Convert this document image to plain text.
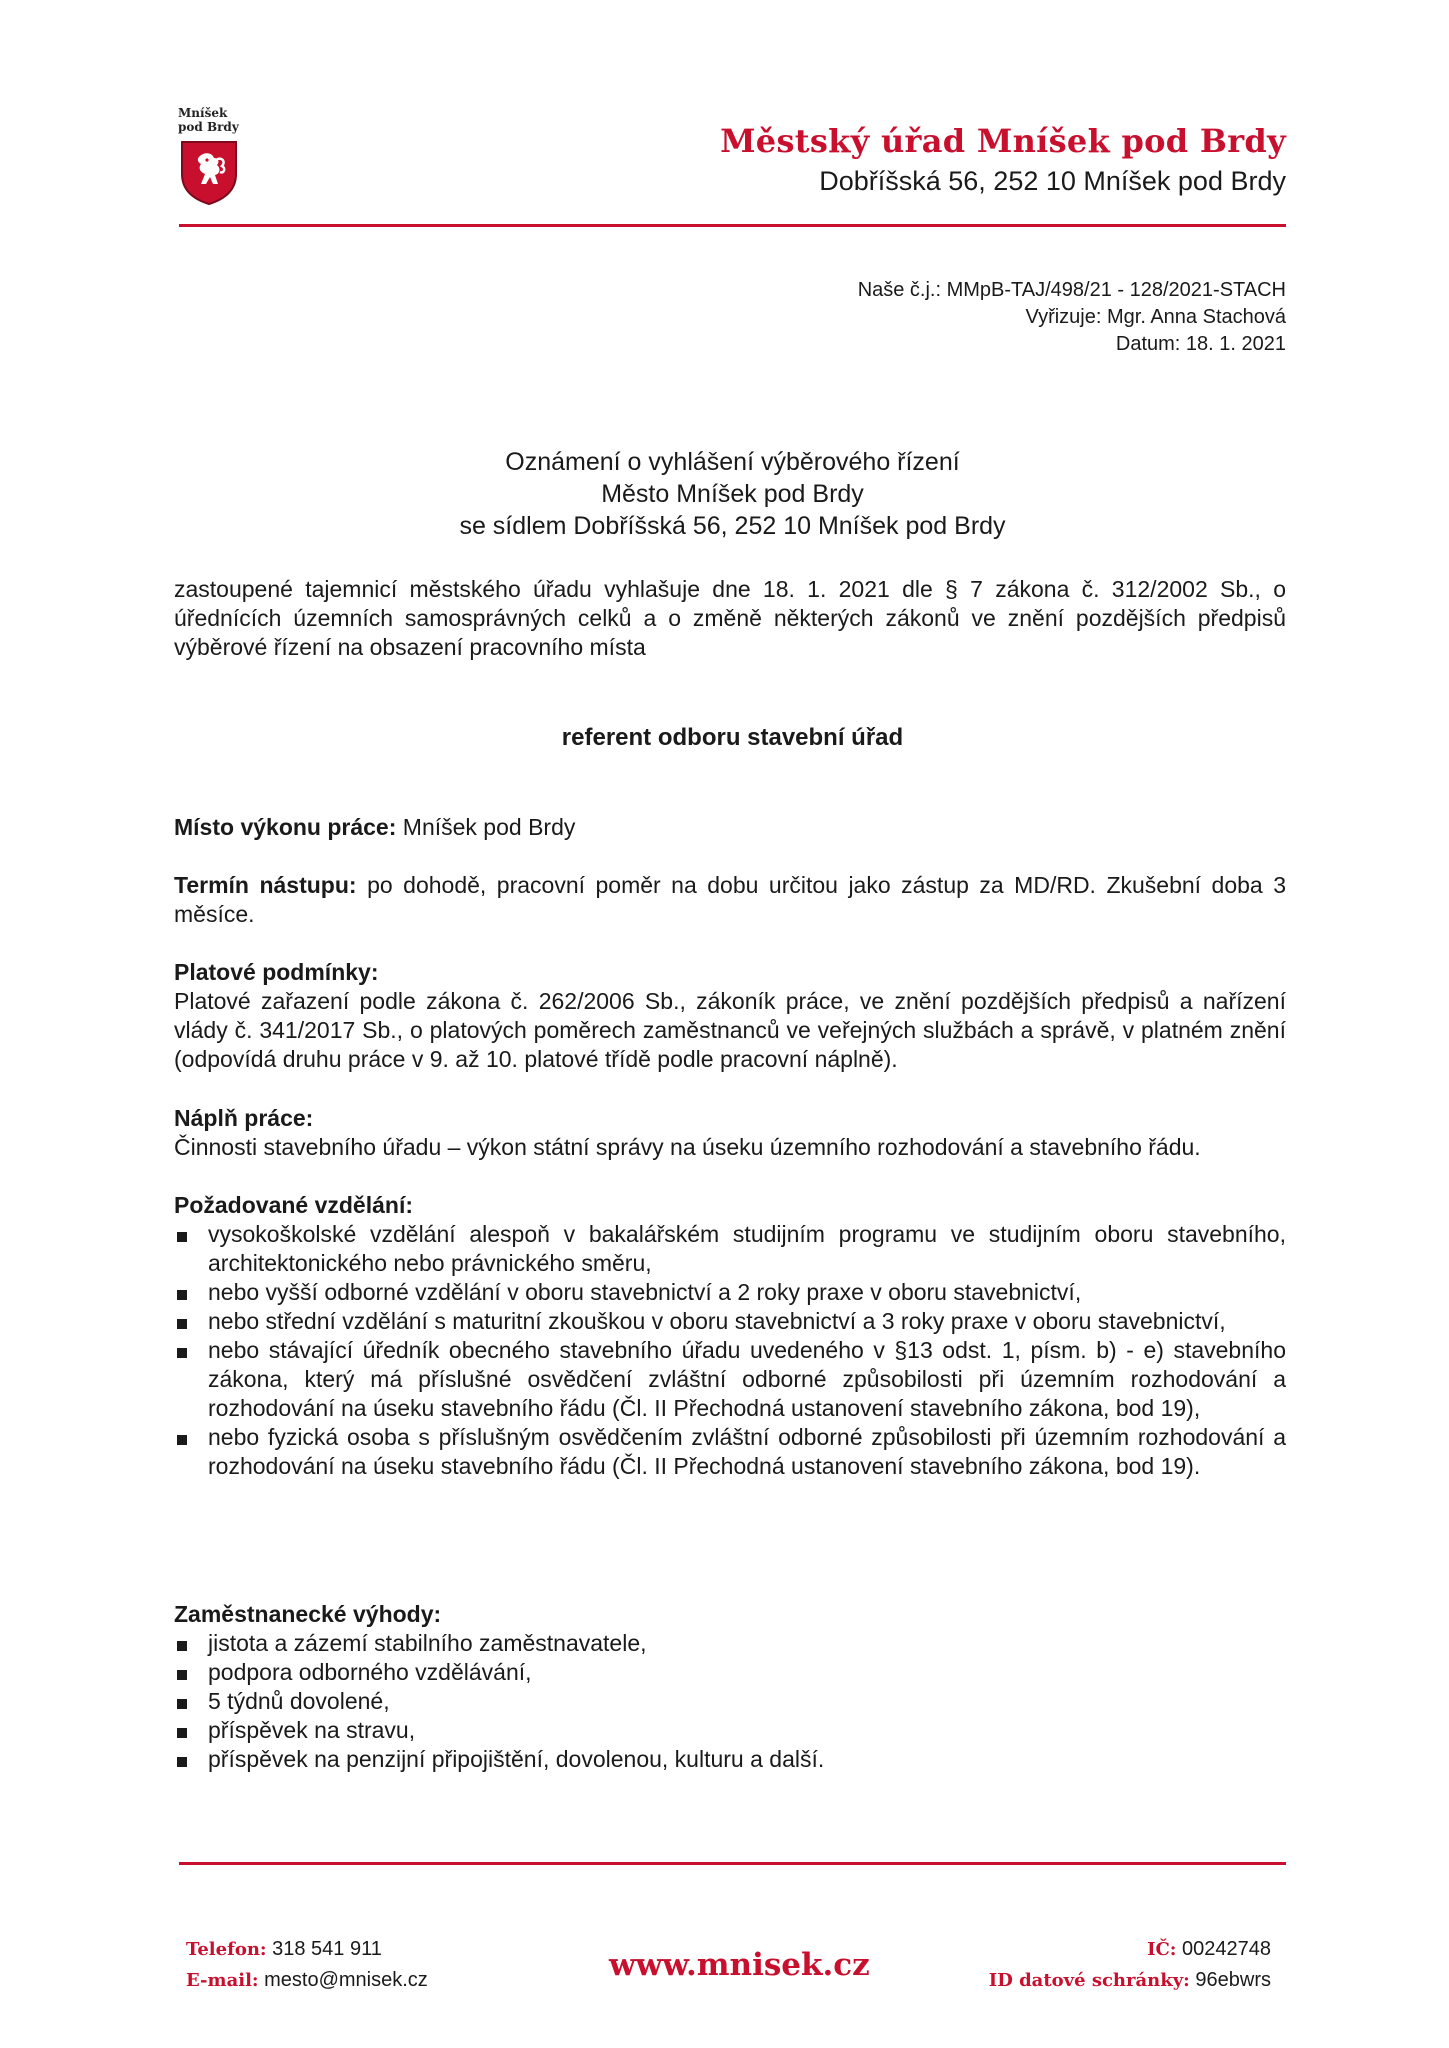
Mníšek
pod Brdy	Městský úřad Mníšek pod Brdy
Dobříšská 56, 252 10 Mníšek pod Brdy
Naše č.j.: MMpB-TAJ/498/21 - 128/2021-STACH
Vyřizuje: Mgr. Anna Stachová
Datum: 18. 1. 2021
Oznámení o vyhlášení výběrového řízení
Město Mníšek pod Brdy
se sídlem Dobříšská 56, 252 10 Mníšek pod Brdy
zastoupené tajemnicí městského úřadu vyhlašuje dne 18. 1. 2021 dle § 7 zákona č. 312/2002 Sb., o úřednících územních samosprávných celků a o změně některých zákonů ve znění pozdějších předpisů výběrové řízení na obsazení pracovního místa
referent odboru stavební úřad
Místo výkonu práce: Mníšek pod Brdy
Termín nástupu: po dohodě, pracovní poměr na dobu určitou jako zástup za MD/RD. Zkušební doba 3 měsíce.
Platové podmínky:
Platové zařazení podle zákona č. 262/2006 Sb., zákoník práce, ve znění pozdějších předpisů a nařízení vlády č. 341/2017 Sb., o platových poměrech zaměstnanců ve veřejných službách a správě, v platném znění (odpovídá druhu práce v 9. až 10. platové třídě podle pracovní náplně).
Náplň práce:
Činnosti stavebního úřadu – výkon státní správy na úseku územního rozhodování a stavebního řádu.
Požadované vzdělání:
vysokoškolské vzdělání alespoň v bakalářském studijním programu ve studijním oboru stavebního, architektonického nebo právnického směru,
nebo vyšší odborné vzdělání v oboru stavebnictví a 2 roky praxe v oboru stavebnictví,
nebo střední vzdělání s maturitní zkouškou v oboru stavebnictví a 3 roky praxe v oboru stavebnictví,
nebo stávající úředník obecného stavebního úřadu uvedeného v §13 odst. 1, písm. b) - e) stavebního zákona, který má příslušné osvědčení zvláštní odborné způsobilosti při územním rozhodování a rozhodování na úseku stavebního řádu (Čl. II Přechodná ustanovení stavebního zákona, bod 19),
nebo fyzická osoba s příslušným osvědčením zvláštní odborné způsobilosti při územním rozhodování a rozhodování na úseku stavebního řádu (Čl. II Přechodná ustanovení stavebního zákona, bod 19).
Zaměstnanecké výhody:
jistota a zázemí stabilního zaměstnavatele,
podpora odborného vzdělávání,
5 týdnů dovolené,
příspěvek na stravu,
příspěvek na penzijní připojištění, dovolenou, kulturu a další.
Telefon: 318 541 911
E-mail: mesto@mnisek.cz	www.mnisek.cz	IČ: 00242748
ID datové schránky: 96ebwrs
